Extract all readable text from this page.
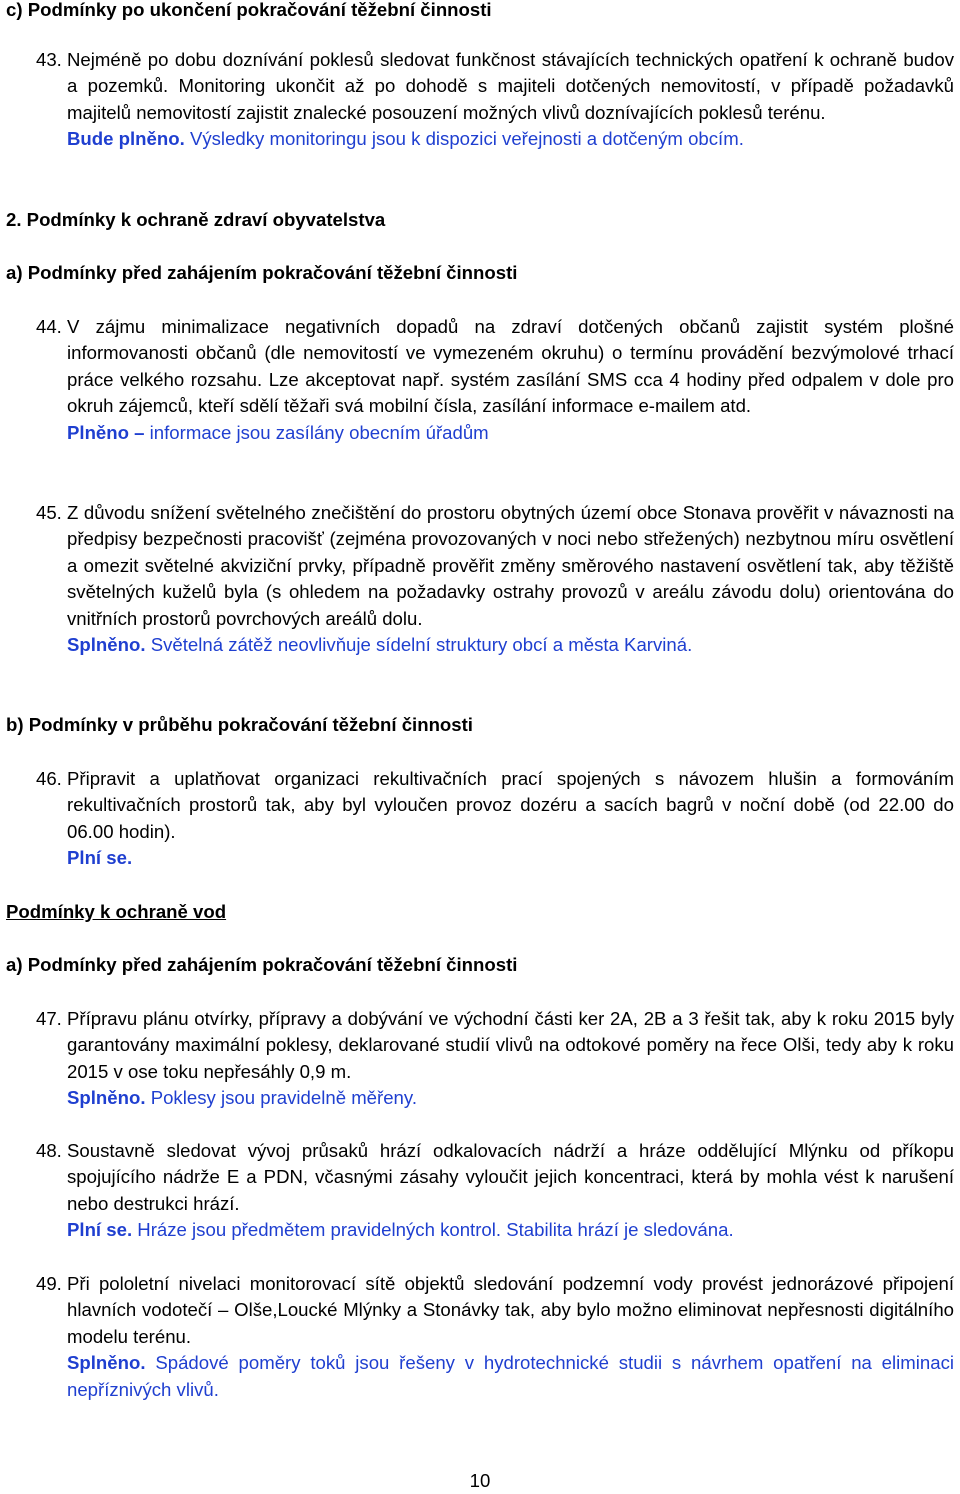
c) Podmínky po ukončení pokračování těžební činnosti
43. Nejméně po dobu doznívání poklesů sledovat funkčnost stávajících technických opatření k ochraně budov a pozemků. Monitoring ukončit až po dohodě s majiteli dotčených nemovitostí, v případě požadavků majitelů nemovitostí zajistit znalecké posouzení možných vlivů doznívajících poklesů terénu.
Bude plněno. Výsledky monitoringu jsou k dispozici veřejnosti a dotčeným obcím.
2. Podmínky k ochraně zdraví obyvatelstva
a) Podmínky před zahájením pokračování těžební činnosti
44. V zájmu minimalizace negativních dopadů na zdraví dotčených občanů zajistit systém plošné informovanosti občanů (dle nemovitostí ve vymezeném okruhu) o termínu provádění bezvýmolové trhací práce velkého rozsahu. Lze akceptovat např. systém zasílání SMS cca 4 hodiny před odpalem v dole pro okruh zájemců, kteří sdělí těžaři svá mobilní čísla, zasílání informace e-mailem atd.
Plněno – informace jsou zasílány obecním úřadům
45. Z důvodu snížení světelného znečištění do prostoru obytných území obce Stonava prověřit v návaznosti na předpisy bezpečnosti pracovišť (zejména provozovaných v noci nebo střežených) nezbytnou míru osvětlení a omezit světelné akviziční prvky, případně prověřit změny směrového nastavení osvětlení tak, aby těžiště světelných kuželů byla (s ohledem na požadavky ostrahy provozů v areálu závodu dolu) orientována do vnitřních prostorů povrchových areálů dolu.
Splněno. Světelná zátěž neovlivňuje sídelní struktury obcí a města Karviná.
b) Podmínky v průběhu pokračování těžební činnosti
46. Připravit a uplatňovat organizaci rekultivačních prací spojených s návozem hlušin a formováním rekultivačních prostorů tak, aby byl vyloučen provoz dozéru a sacích bagrů v noční době (od 22.00 do 06.00 hodin).
Plní se.
Podmínky k ochraně vod
a) Podmínky před zahájením pokračování těžební činnosti
47. Přípravu plánu otvírky, přípravy a dobývání ve východní části ker 2A, 2B a 3 řešit tak, aby k roku 2015 byly garantovány maximální poklesy, deklarované studií vlivů na odtokové poměry na řece Olši, tedy aby k roku 2015 v ose toku nepřesáhly 0,9 m.
Splněno. Poklesy jsou pravidelně měřeny.
48. Soustavně sledovat vývoj průsaků hrází odkalovacích nádrží a hráze oddělující Mlýnku od příkopu spojujícího nádrže E a PDN, včasnými zásahy vyloučit jejich koncentraci, která by mohla vést k narušení nebo destrukci hrází.
Plní se. Hráze jsou předmětem pravidelných kontrol. Stabilita hrází je sledována.
49. Při pololetní nivelaci monitorovací sítě objektů sledování podzemní vody provést jednorázové připojení hlavních vodotečí – Olše,Loucké Mlýnky a Stonávky tak, aby bylo možno eliminovat nepřesnosti digitálního modelu terénu.
Splněno. Spádové poměry toků jsou řešeny v hydrotechnické studii s návrhem opatření na eliminaci nepříznivých vlivů.
10
